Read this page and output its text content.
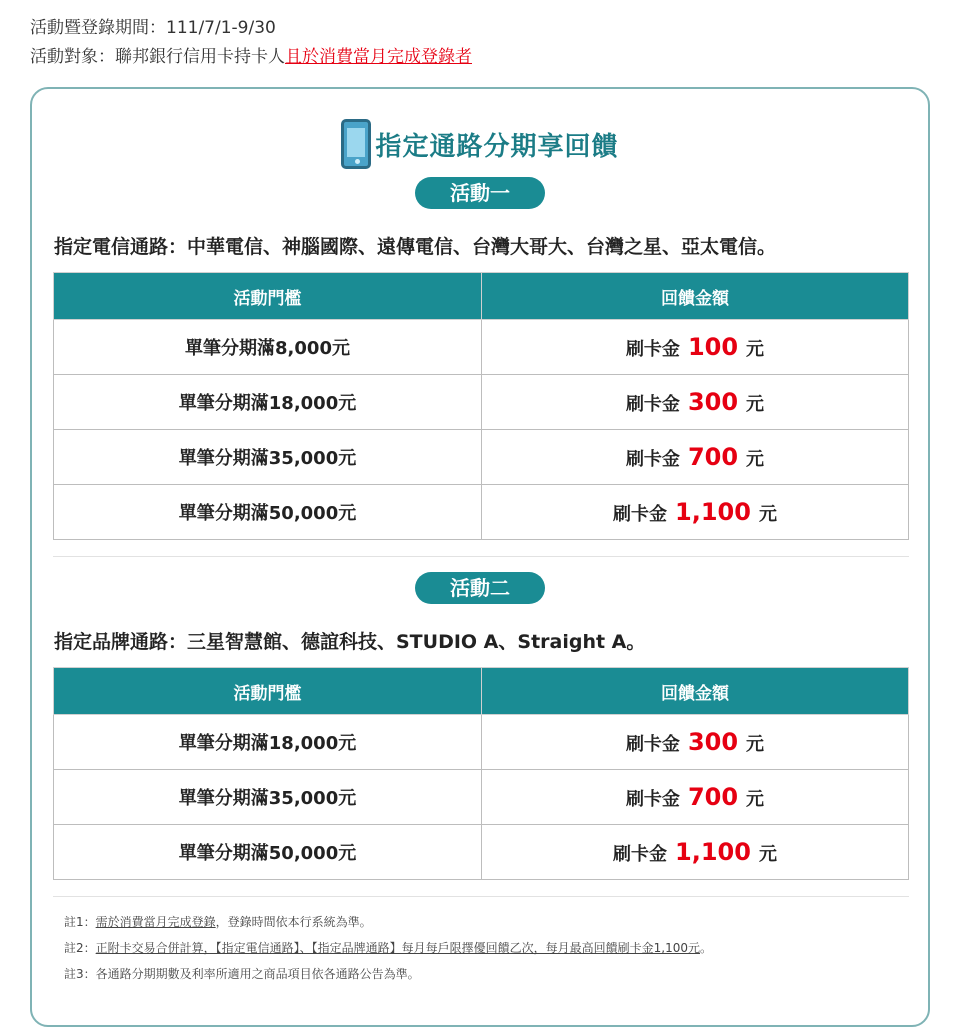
活動暨登錄期間：111/7/1-9/30
活動對象：聯邦銀行信用卡持卡人且於消費當月完成登錄者
指定通路分期享回饋
活動一
指定電信通路：中華電信、神腦國際、遠傳電信、台灣大哥大、台灣之星、亞太電信。
活動門檻	回饋金額
單筆分期滿8,000元	刷卡金 100 元
單筆分期滿18,000元	刷卡金 300 元
單筆分期滿35,000元	刷卡金 700 元
單筆分期滿50,000元	刷卡金 1,100 元
活動二
指定品牌通路：三星智慧館、德誼科技、STUDIO A、Straight A。
活動門檻	回饋金額
單筆分期滿18,000元	刷卡金 300 元
單筆分期滿35,000元	刷卡金 700 元
單筆分期滿50,000元	刷卡金 1,100 元
註1：需於消費當月完成登錄，登錄時間依本行系統為準。
註2：正附卡交易合併計算，【指定電信通路】、【指定品牌通路】每月每戶限擇優回饋乙次，每月最高回饋刷卡金1,100元。
註3：各通路分期期數及利率所適用之商品項目依各通路公告為準。
